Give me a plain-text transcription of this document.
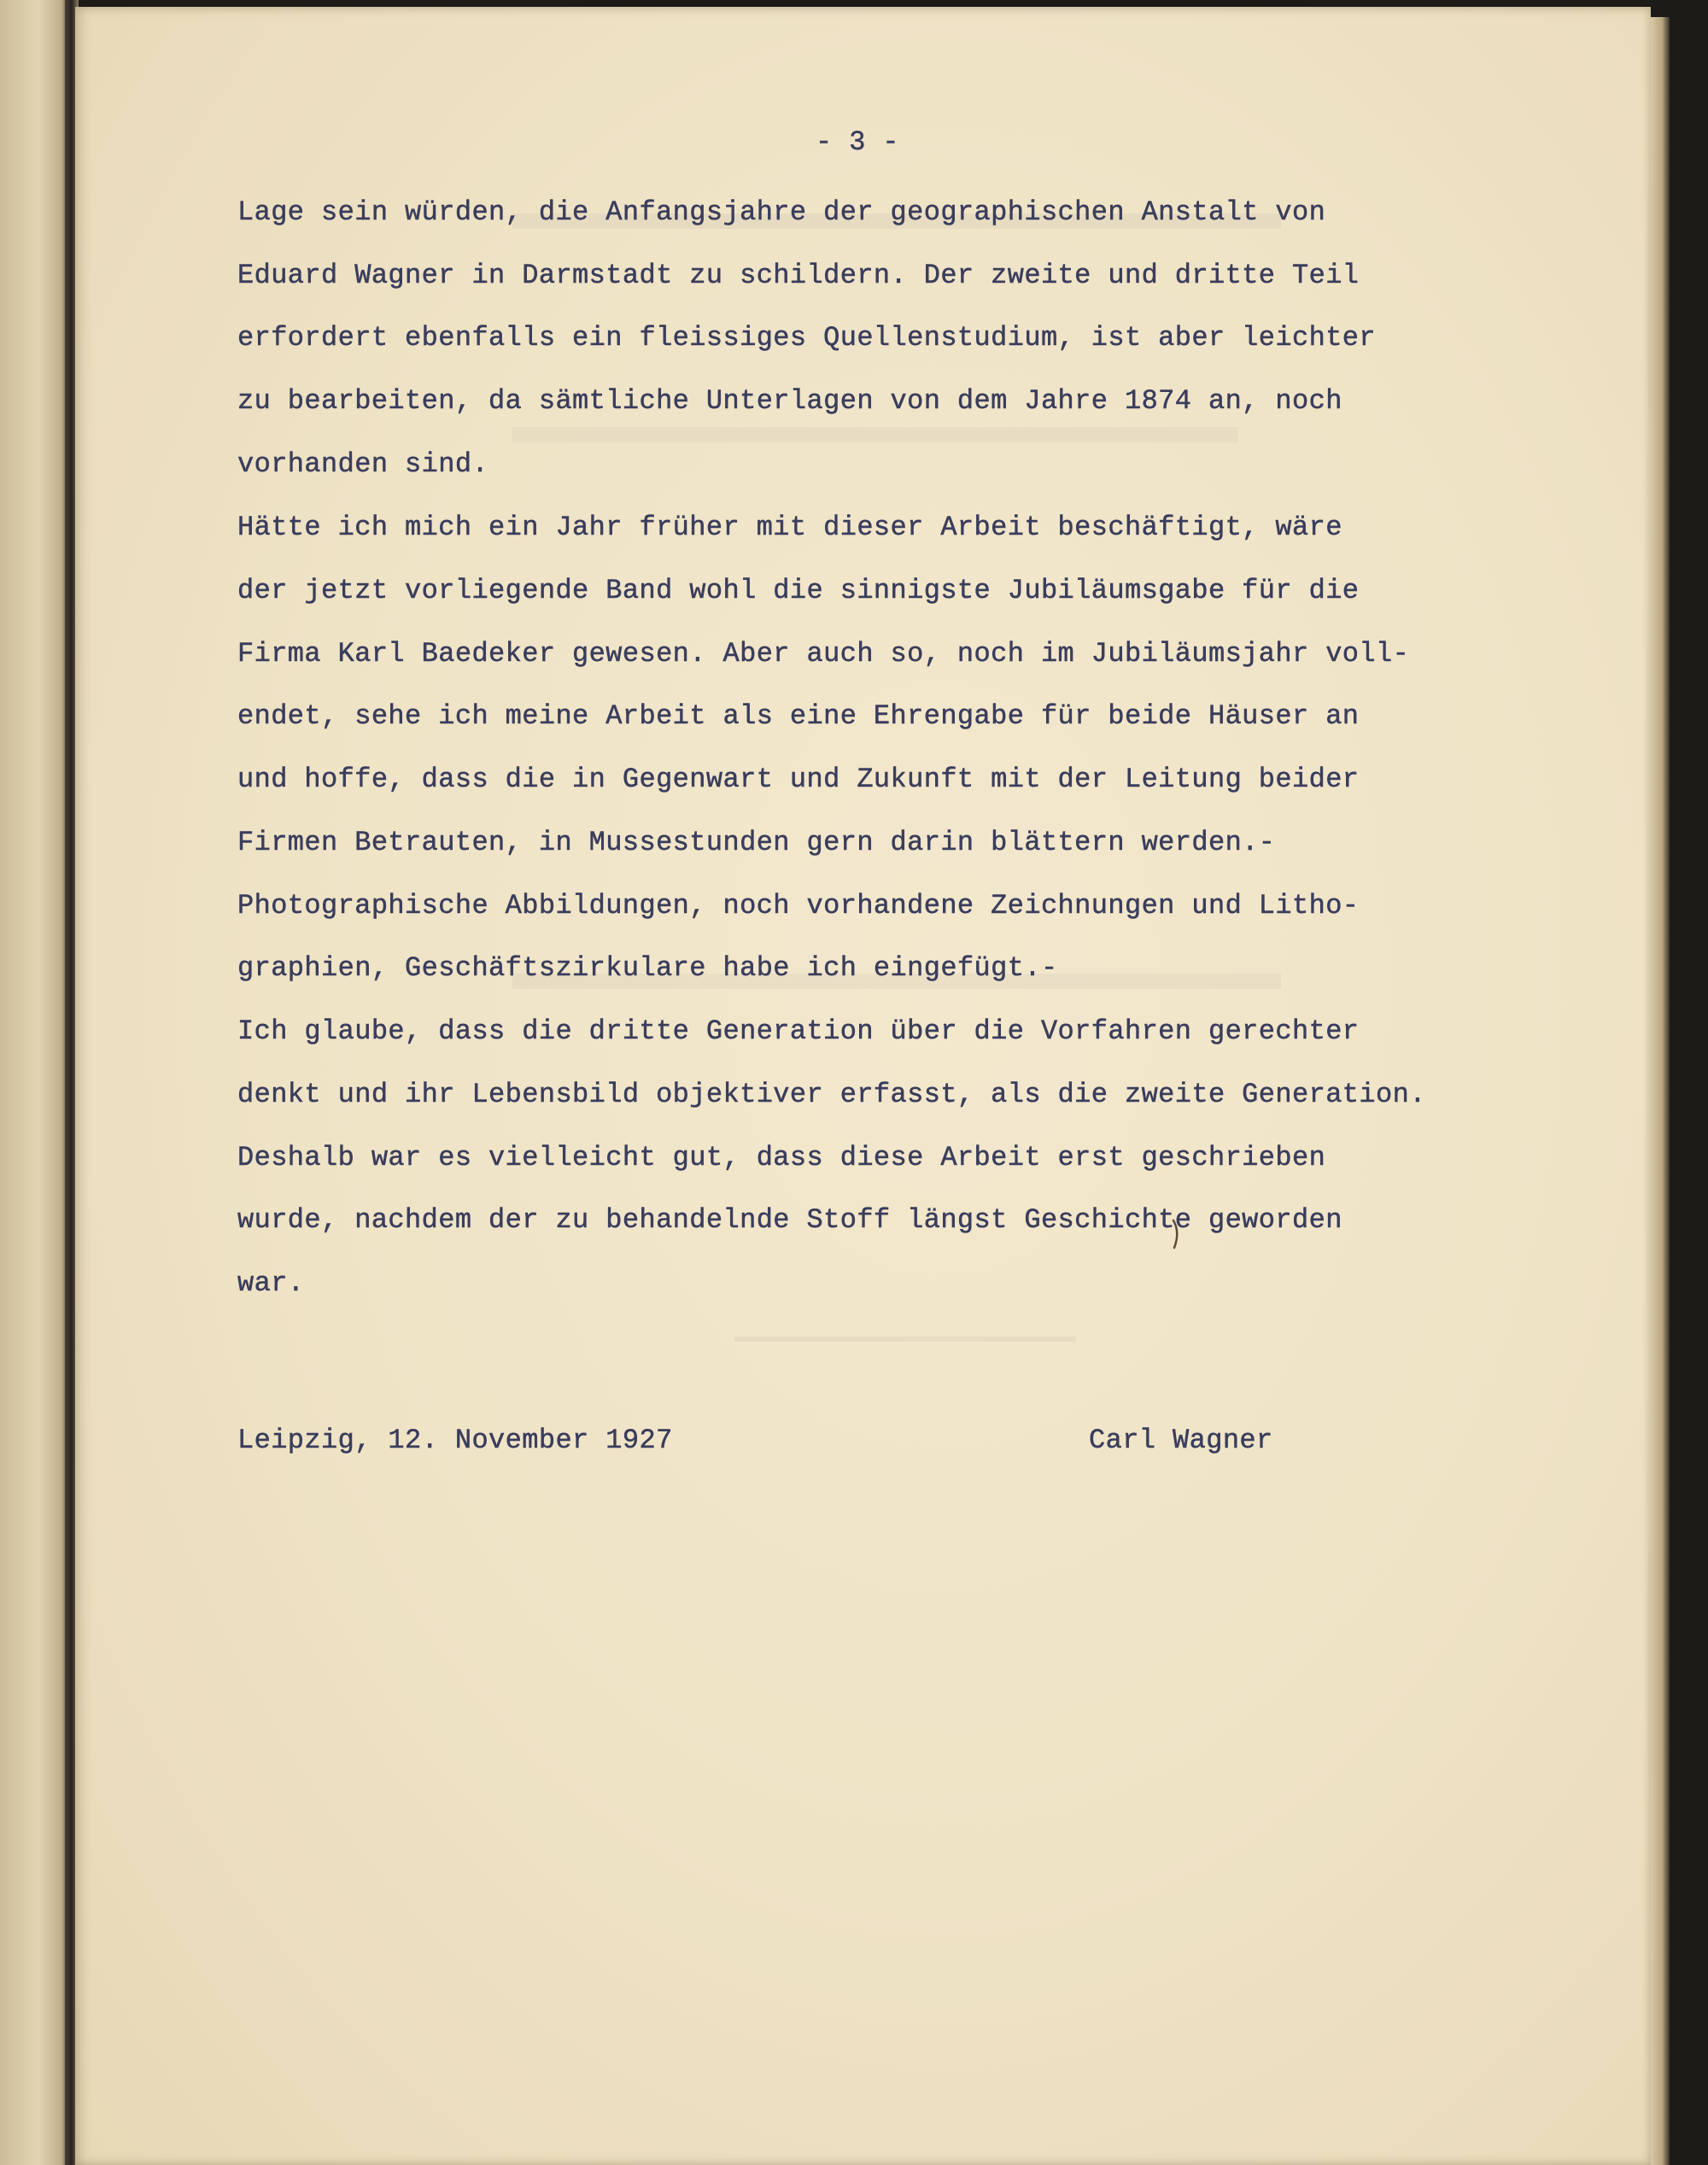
- 3 -
Lage sein würden, die Anfangsjahre der geographischen Anstalt von
Eduard Wagner in Darmstadt zu schildern. Der zweite und dritte Teil
erfordert ebenfalls ein fleissiges Quellenstudium, ist aber leichter
zu bearbeiten, da sämtliche Unterlagen von dem Jahre 1874 an, noch
vorhanden sind.
Hätte ich mich ein Jahr früher mit dieser Arbeit beschäftigt, wäre
der jetzt vorliegende Band wohl die sinnigste Jubiläumsgabe für die
Firma Karl Baedeker gewesen. Aber auch so, noch im Jubiläumsjahr voll-
endet, sehe ich meine Arbeit als eine Ehrengabe für beide Häuser an
und hoffe, dass die in Gegenwart und Zukunft mit der Leitung beider
Firmen Betrauten, in Mussestunden gern darin blättern werden.-
Photographische Abbildungen, noch vorhandene Zeichnungen und Litho-
graphien, Geschäftszirkulare habe ich eingefügt.-
Ich glaube, dass die dritte Generation über die Vorfahren gerechter
denkt und ihr Lebensbild objektiver erfasst, als die zweite Generation.
Deshalb war es vielleicht gut, dass diese Arbeit erst geschrieben
wurde, nachdem der zu behandelnde Stoff längst Geschichte geworden
war.
Leipzig, 12. November 1927	Carl Wagner
